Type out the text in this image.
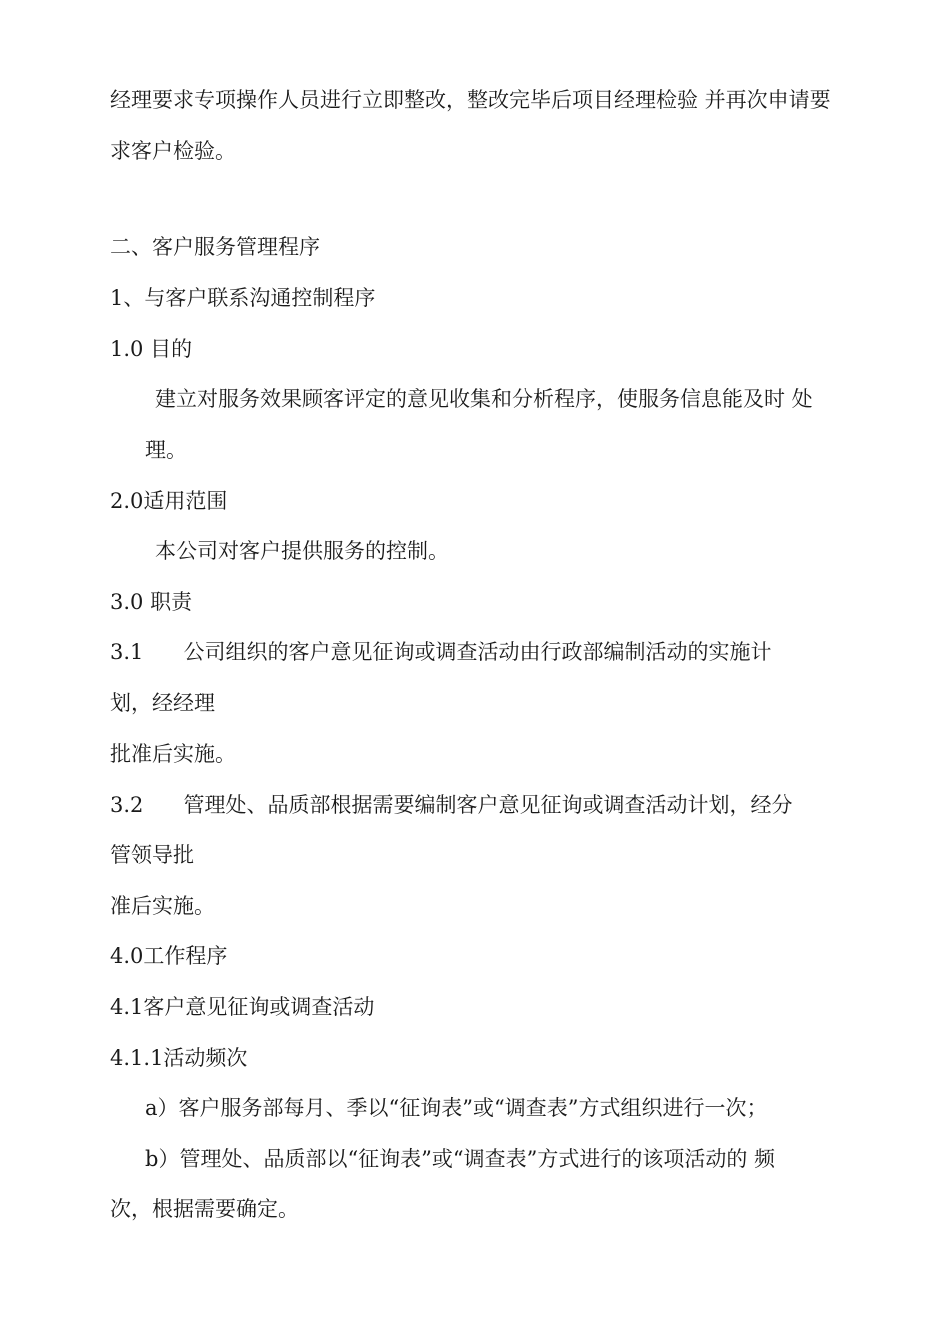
经理要求专项操作人员进行立即整改，整改完毕后项目经理检验 并再次申请要
求客户检验。
二、客户服务管理程序
1、与客户联系沟通控制程序
1.0 目的
建立对服务效果顾客评定的意见收集和分析程序，使服务信息能及时 处
理。
2.0适用范围
本公司对客户提供服务的控制。
3.0 职责
3.1      公司组织的客户意见征询或调查活动由行政部编制活动的实施计
划，经经理
批准后实施。
3.2      管理处、品质部根据需要编制客户意见征询或调查活动计划，经分
管领导批
准后实施。
4.0工作程序
4.1客户意见征询或调查活动
4.1.1活动频次
a）客户服务部每月、季以“征询表”或“调查表”方式组织进行一次；
b）管理处、品质部以“征询表”或“调查表”方式进行的该项活动的 频
次，根据需要确定。
